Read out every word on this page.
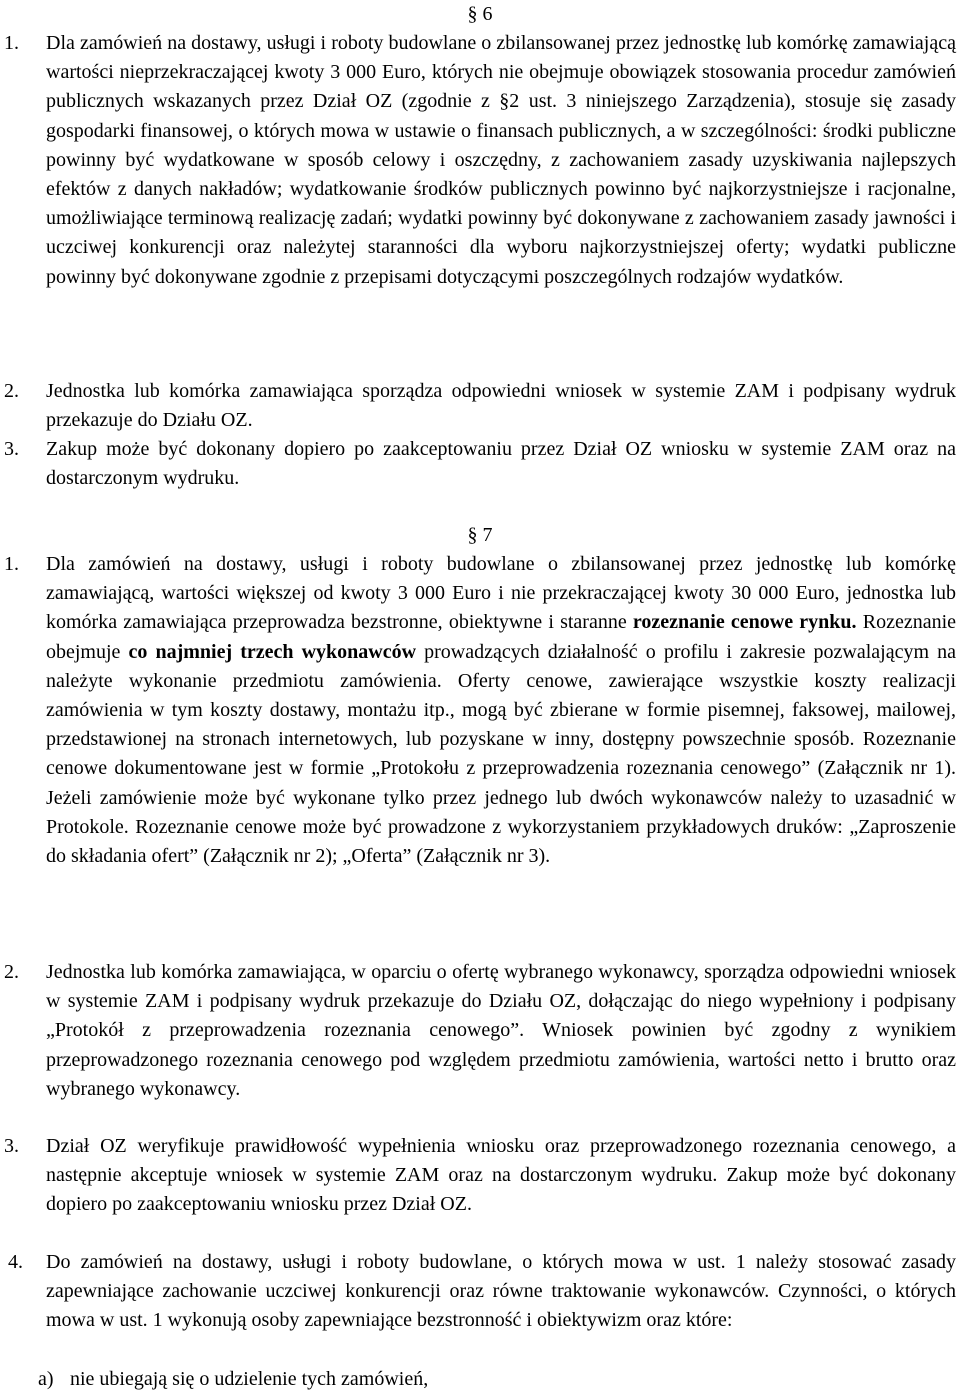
§ 6
1.	Dla zamówień na dostawy, usługi i roboty budowlane o zbilansowanej przez jednostkę lub komórkę zamawiającą wartości nieprzekraczającej kwoty 3 000 Euro, których nie obejmuje obowiązek stosowania procedur zamówień publicznych wskazanych przez Dział OZ (zgodnie z §2 ust. 3 niniejszego Zarządzenia), stosuje się zasady gospodarki finansowej, o których mowa w ustawie o finansach publicznych, a w szczególności: środki publiczne powinny być wydatkowane w sposób celowy i oszczędny, z zachowaniem zasady uzyskiwania najlepszych efektów z danych nakładów; wydatkowanie środków publicznych powinno być najkorzystniejsze i racjonalne, umożliwiające terminową realizację zadań; wydatki powinny być dokonywane z zachowaniem zasady jawności i uczciwej konkurencji oraz należytej staranności dla wyboru najkorzystniejszej oferty; wydatki publiczne powinny być dokonywane zgodnie z przepisami dotyczącymi poszczególnych rodzajów wydatków.
2.	Jednostka lub komórka zamawiająca sporządza odpowiedni wniosek w systemie ZAM i podpisany wydruk przekazuje do Działu OZ.
3.	Zakup może być dokonany dopiero po zaakceptowaniu przez Dział OZ wniosku w systemie ZAM oraz na dostarczonym wydruku.
§ 7
1.	Dla zamówień na dostawy, usługi i roboty budowlane o zbilansowanej przez jednostkę lub komórkę zamawiającą, wartości większej od kwoty 3 000 Euro i nie przekraczającej kwoty 30 000 Euro, jednostka lub komórka zamawiająca przeprowadza bezstronne, obiektywne i staranne rozeznanie cenowe rynku. Rozeznanie obejmuje co najmniej trzech wykonawców prowadzących działalność o profilu i zakresie pozwalającym na należyte wykonanie przedmiotu zamówienia. Oferty cenowe, zawierające wszystkie koszty realizacji zamówienia w tym koszty dostawy, montażu itp., mogą być zbierane w formie pisemnej, faksowej, mailowej, przedstawionej na stronach internetowych, lub pozyskane w inny, dostępny powszechnie sposób. Rozeznanie cenowe dokumentowane jest w formie „Protokołu z przeprowadzenia rozeznania cenowego” (Załącznik nr 1). Jeżeli zamówienie może być wykonane tylko przez jednego lub dwóch wykonawców należy to uzasadnić w Protokole. Rozeznanie cenowe może być prowadzone z wykorzystaniem przykładowych druków: „Zaproszenie do składania ofert” (Załącznik nr 2); „Oferta” (Załącznik nr 3).
2.	Jednostka lub komórka zamawiająca, w oparciu o ofertę wybranego wykonawcy, sporządza odpowiedni wniosek w systemie ZAM i podpisany wydruk przekazuje do Działu OZ, dołączając do niego wypełniony i podpisany „Protokół z przeprowadzenia rozeznania cenowego”. Wniosek powinien być zgodny z wynikiem przeprowadzonego rozeznania cenowego pod względem przedmiotu zamówienia, wartości netto i brutto oraz wybranego wykonawcy.
3.	Dział OZ weryfikuje prawidłowość wypełnienia wniosku oraz przeprowadzonego rozeznania cenowego, a następnie akceptuje wniosek w systemie ZAM oraz na dostarczonym wydruku. Zakup może być dokonany dopiero po zaakceptowaniu wniosku przez Dział OZ.
4.	Do zamówień na dostawy, usługi i roboty budowlane, o których mowa w ust. 1 należy stosować zasady zapewniające zachowanie uczciwej konkurencji oraz równe traktowanie wykonawców. Czynności, o których mowa w ust. 1 wykonują osoby zapewniające bezstronność i obiektywizm oraz które:
a) nie ubiegają się o udzielenie tych zamówień,
